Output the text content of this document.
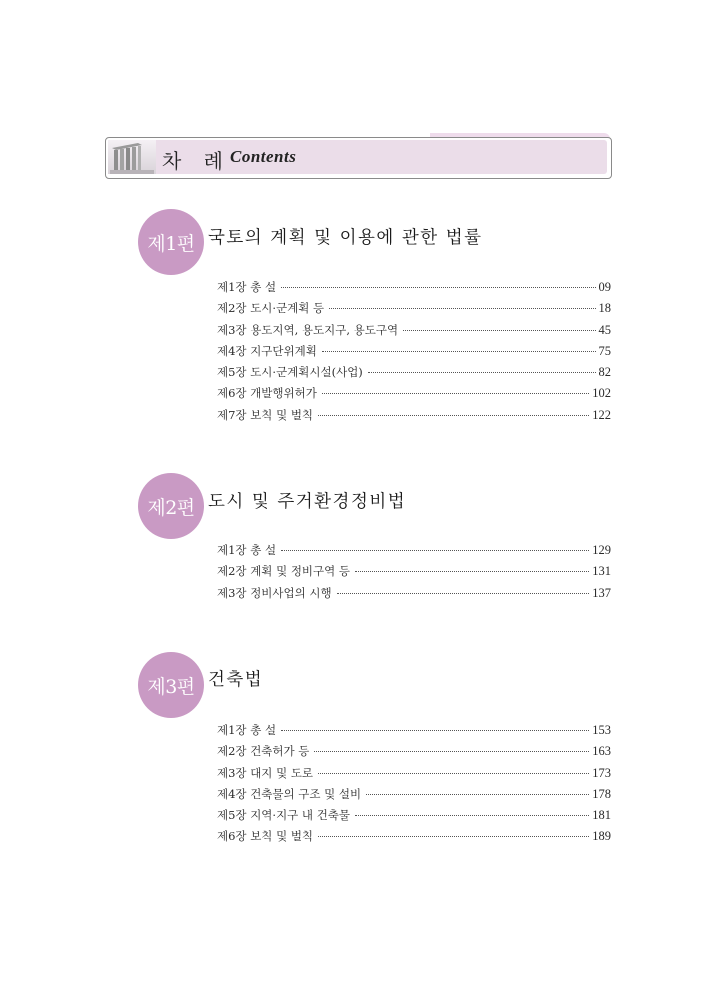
차 례 Contents
제1편 국토의 계획 및 이용에 관한 법률
제1장 총 설	09
제2장 도시·군계획 등	18
제3장 용도지역, 용도지구, 용도구역	45
제4장 지구단위계획	75
제5장 도시·군계획시설(사업)	82
제6장 개발행위허가	102
제7장 보칙 및 벌칙	122
제2편 도시 및 주거환경정비법
제1장 총 설	129
제2장 계획 및 정비구역 등	131
제3장 정비사업의 시행	137
제3편 건축법
제1장 총 설	153
제2장 건축허가 등	163
제3장 대지 및 도로	173
제4장 건축물의 구조 및 설비	178
제5장 지역·지구 내 건축물	181
제6장 보칙 및 벌칙	189
